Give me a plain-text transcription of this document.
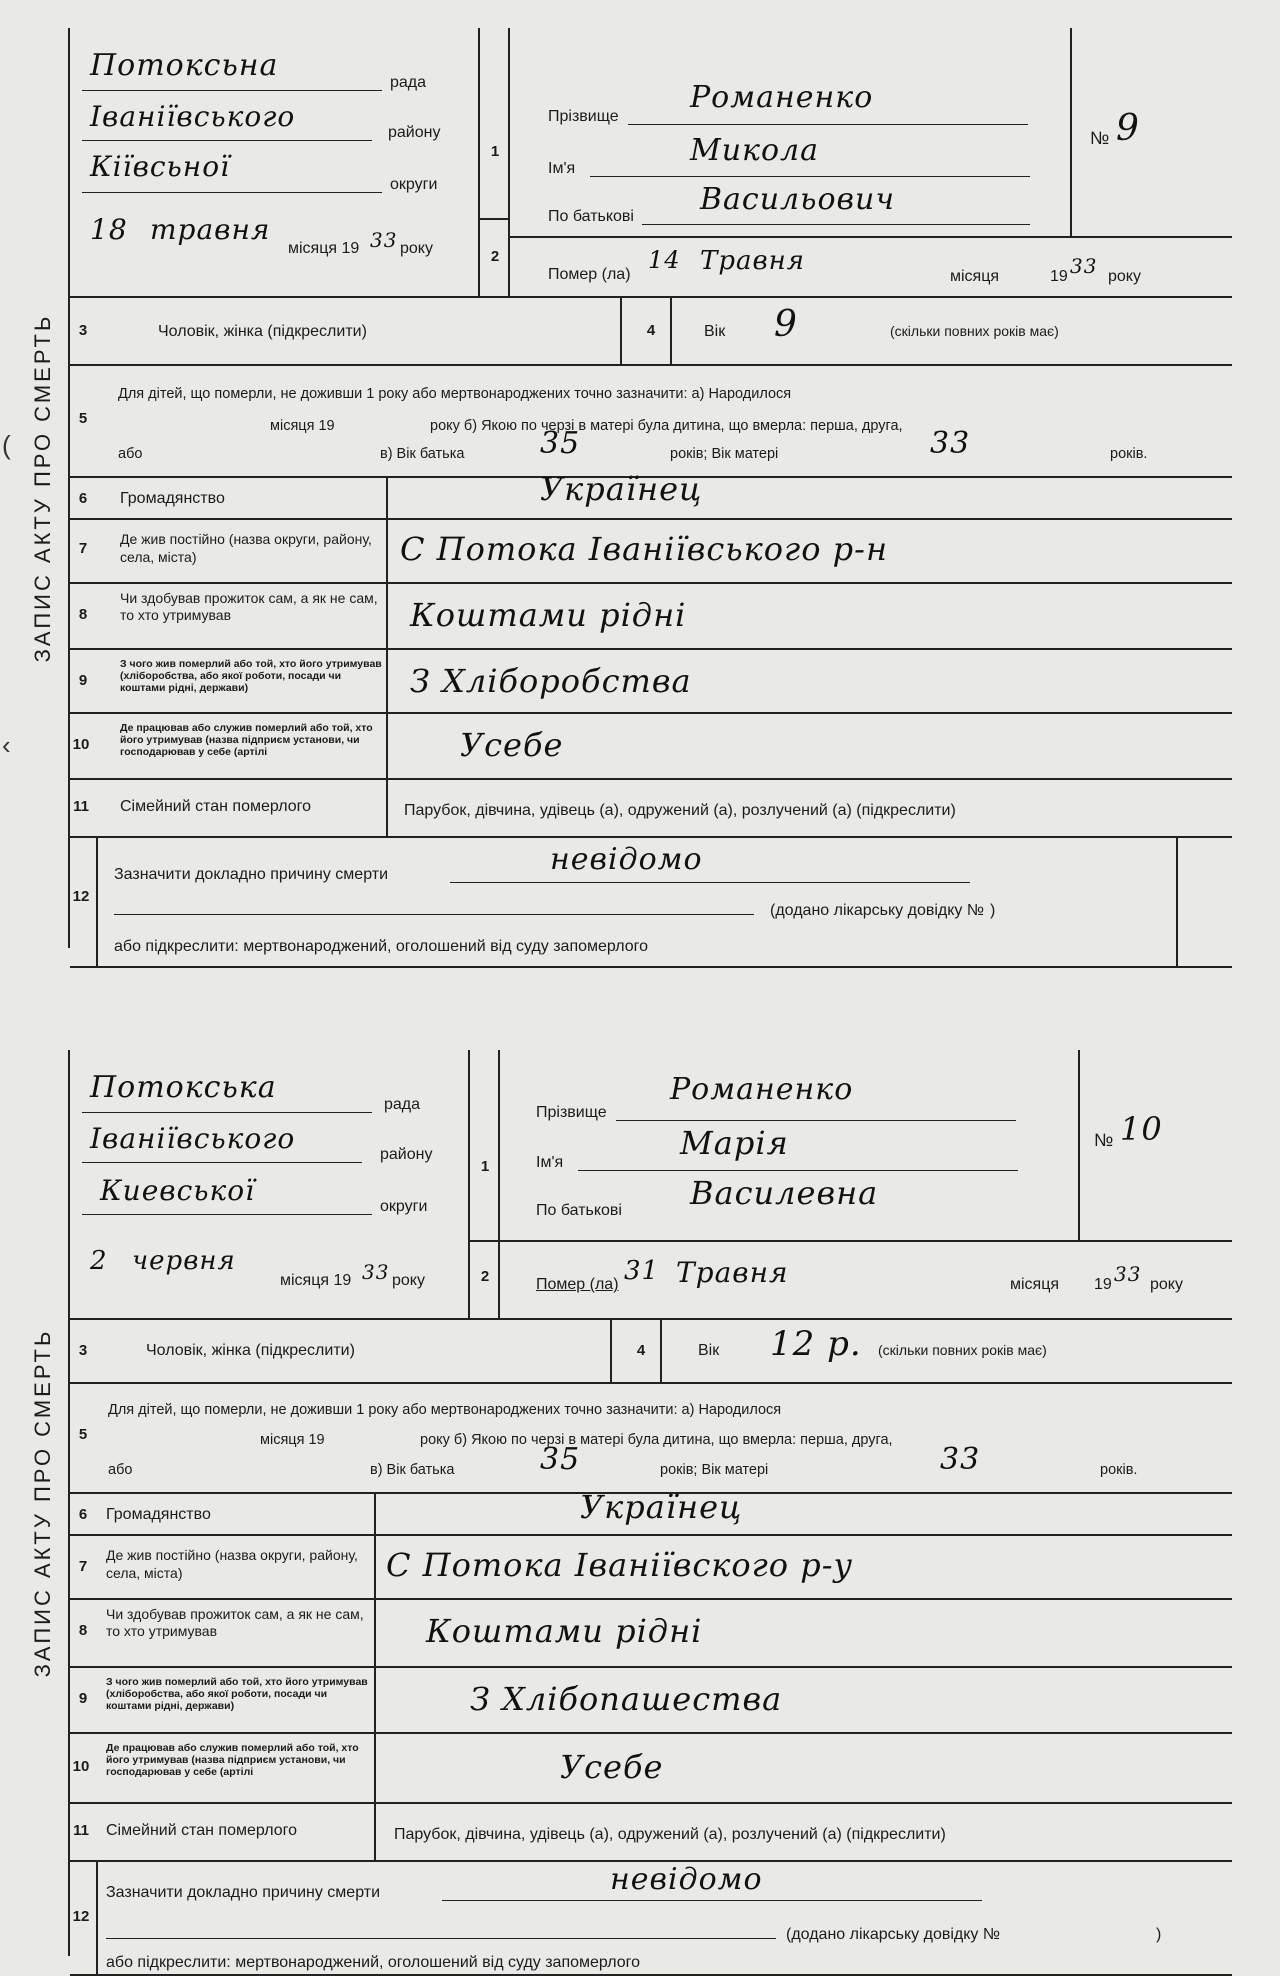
(
‹
ЗАПИС АКТУ ПРО СМЕРТЬ
Потоксьна	рада
Іваніївського	району
Кіївсьної
округи
18 травня
місяця 19 33 року
1
2
Прізвище
Романенко
Ім'я
Микола
По батькові Васильович
Помер (ла)
14 Травня
місяця	19 33 року
№ 9
3	Чоловік, жінка (підкреслити)	4	Вік 9	(скільки повних років має)
5
Для дітей, що померли, не доживши 1 року або мертвонароджених точно зазначити: а) Народилося
місяця 19	року б) Якою по черзі в матері була дитина, що вмерла: перша, друга,
або	в) Вік батька	35	років; Вік матері	33	років.
6	Громадянство	Українец
7
Де жив постійно (назва округи, району, села, міста)	С Потока Іваніївського р-н
8
Чи здобував прожиток сам, а як не сам, то хто утримував	Коштами рідні
9
З чого жив померлий або той, хто його утримував (хліборобства, або якої роботи, посади чи коштами рідні, держави)	З Хліборобства
10
Де працював або служив померлий або той, хто його утримував (назва підприєм установи, чи господарював у себе (артілі	Усебе
11 Сімейний стан померлого	Парубок, дівчина, удівець (а), одружений (а), розлучений (а) (підкреслити)
12
Зазначити докладно причину смерти	невідомо
(додано лікарську довідку № )
або підкреслити: мертвонароджений, оголошений від суду запомерлого
ЗАПИС АКТУ ПРО СМЕРТЬ
Потокська	рада
Іваніївського	району
Киевської	округи
2 червня
місяця 19 33 року
1
2
Прізвище
Романенко
Ім'я
Марія
По батькові Василевна
Помер (ла) 31 Травня	місяця 19 33 року
№ 10
3	Чоловік, жінка (підкреслити)	4	Вік 12 р. (скільки повних років має)
5
Для дітей, що померли, не доживши 1 року або мертвонароджених точно зазначити: а) Народилося
місяця 19	року б) Якою по черзі в матері була дитина, що вмерла: перша, друга,
або	в) Вік батька	35	років; Вік матері	33	років.
6	Громадянство	Українец
7
Де жив постійно (назва округи, району, села, міста)	С Потока Іваніївского р-у
8
Чи здобував прожиток сам, а як не сам, то хто утримував	Коштами рідні
9
З чого жив померлий або той, хто його утримував (хліборобства, або якої роботи, посади чи коштами рідні, держави)	З Хлібопашества
10
Де працював або служив померлий або той, хто його утримував (назва підприєм установи, чи господарював у себе (артілі	Усебе
11 Сімейний стан померлого	Парубок, дівчина, удівець (а), одружений (а), розлучений (а) (підкреслити)
12
Зазначити докладно причину смерти	невідомо
(додано лікарську довідку №	)
або підкреслити: мертвонароджений, оголошений від суду запомерлого
